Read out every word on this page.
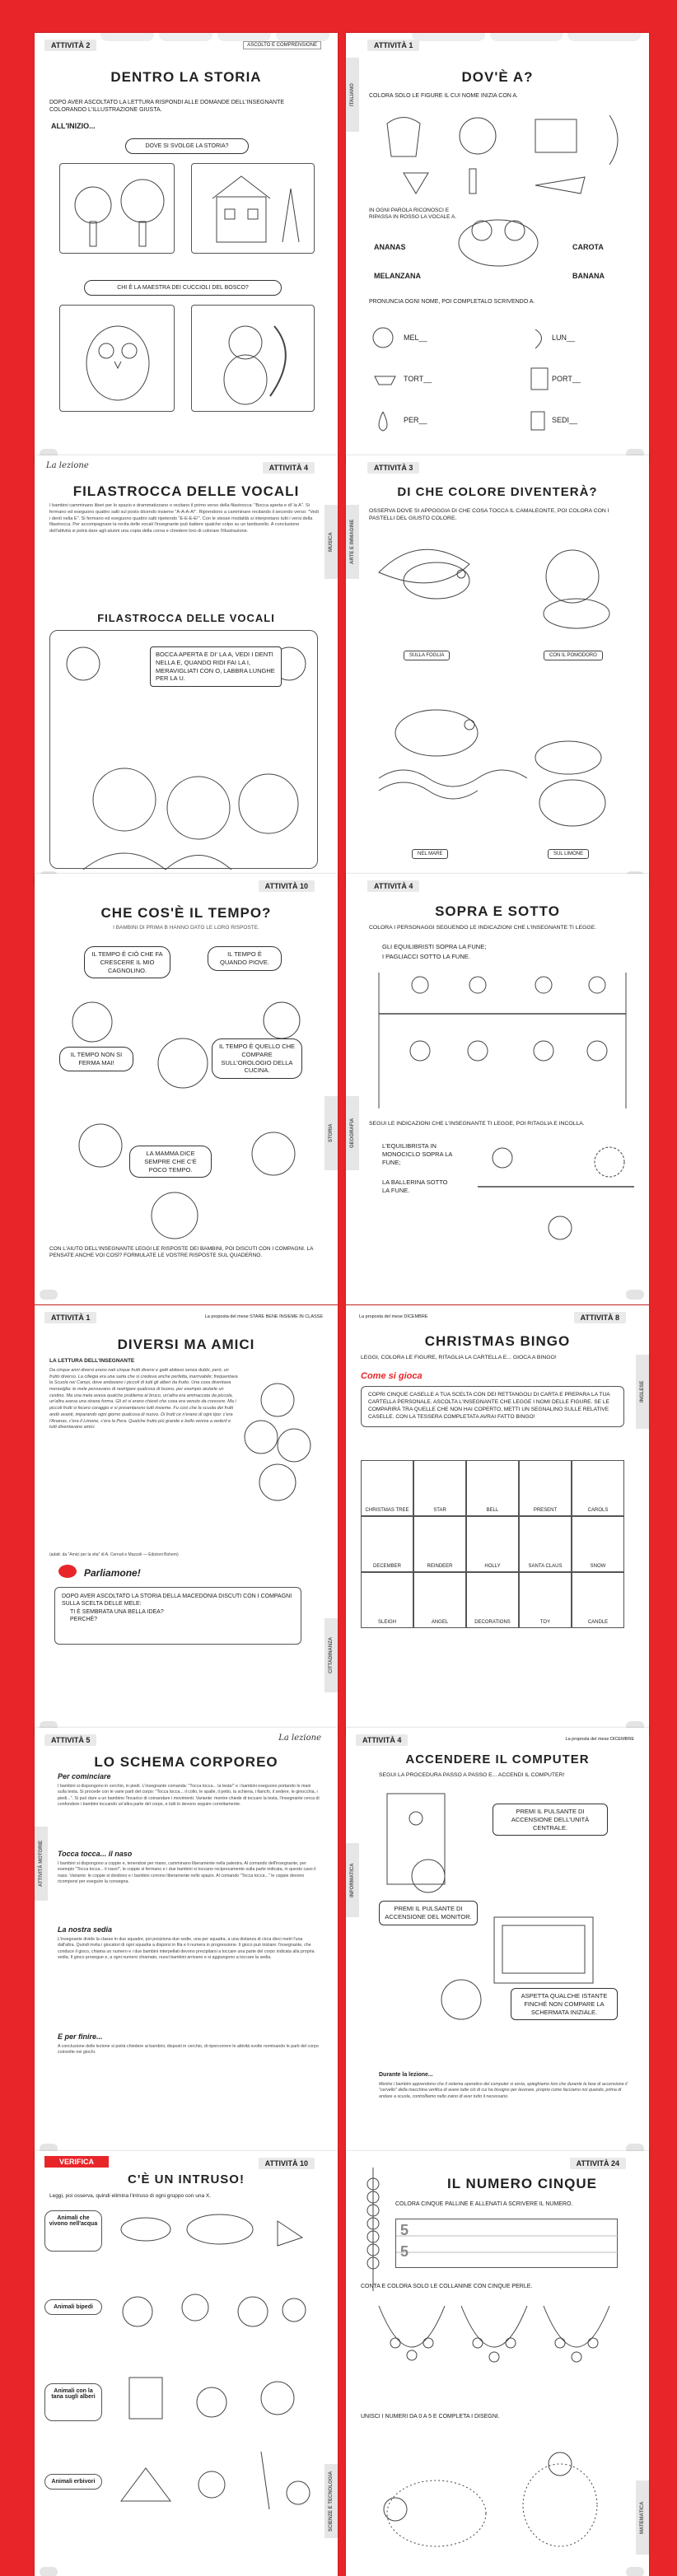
ATTIVITÀ 2	ASCOLTO E COMPRENSIONE
DENTRO LA STORIA
DOPO AVER ASCOLTATO LA LETTURA RISPONDI ALLE DOMANDE DELL'INSEGNANTE COLORANDO L'ILLUSTRAZIONE GIUSTA.
ALL'INIZIO...
DOVE SI SVOLGE LA STORIA?
CHI È LA MAESTRA DEI CUCCIOLI DEL BOSCO?
ITALIANO
ATTIVITÀ 1
DOV'È A?
COLORA SOLO LE FIGURE IL CUI NOME INIZIA CON A.
IN OGNI PAROLA RICONOSCI E RIPASSA IN ROSSO LA VOCALE A.
ANANAS	CAROTA
MELANZANA	BANANA
PRONUNCIA OGNI NOME, POI COMPLETALO SCRIVENDO A.
MEL__	LUN__
TORT__	PORT__
PER__	SEDI__
La lezione	ATTIVITÀ 4
MUSICA
FILASTROCCA DELLE VOCALI
I bambini camminano liberi per lo spazio e drammatizzano o recitano il primo verso della filastrocca: "Bocca aperta e di' la A". Si fermano ed eseguono quattro salti sul posto dicendo insieme "A-A-A-A!". Riprendono a camminare recitando il secondo verso: "Vedi i denti nella E". Si fermano ed eseguono quattro salti ripetendo "E-E-E-E!". Con le stesse modalità si interpretano tutti i versi della filastrocca. Per accompagnare la recita delle vocali l'insegnante può battere qualche colpo su un tamburello. A conclusione dell'attività si potrà dare agli alunni una copia della corna e chiedere loro di colorare l'illustrazione.
FILASTROCCA DELLE VOCALI
BOCCA APERTA E DI' LA A, VEDI I DENTI NELLA E, QUANDO RIDI FAI LA I, MERAVIGLIATI CON O, LABBRA LUNGHE PER LA U.
ATTIVITÀ 3
ARTE E IMMAGINE
DI CHE COLORE DIVENTERÀ?
OSSERVA DOVE SI APPOGGIA DI CHE COSA TOCCA IL CAMALEONTE, POI COLORA CON I PASTELLI DEL GIUSTO COLORE.
SULLA FOGLIA	CON IL POMODORO
NEL MARE	SUL LIMONE
ATTIVITÀ 10
STORIA
CHE COS'È IL TEMPO?
I BAMBINI DI PRIMA B HANNO DATO LE LORO RISPOSTE.
IL TEMPO È CIÒ CHE FA CRESCERE IL MIO CAGNOLINO.
IL TEMPO È QUANDO PIOVE.
IL TEMPO NON SI FERMA MAI!
IL TEMPO È QUELLO CHE COMPARE SULL'OROLOGIO DELLA CUCINA.
LA MAMMA DICE SEMPRE CHE C'È POCO TEMPO.
CON L'AIUTO DELL'INSEGNANTE LEGGI LE RISPOSTE DEI BAMBINI, POI DISCUTI CON I COMPAGNI. LA PENSATE ANCHE VOI COSÌ? FORMULATE LE VOSTRE RISPOSTE SUL QUADERNO.
ATTIVITÀ 4
GEOGRAFIA
SOPRA E SOTTO
COLORA I PERSONAGGI SEGUENDO LE INDICAZIONI CHE L'INSEGNANTE TI LEGGE.
GLI EQUILIBRISTI SOPRA LA FUNE;
I PAGLIACCI SOTTO LA FUNE.
SEGUI LE INDICAZIONI CHE L'INSEGNANTE TI LEGGE, POI RITAGLIA E INCOLLA.
L'EQUILIBRISTA IN MONOCICLO SOPRA LA FUNE;
LA BALLERINA SOTTO LA FUNE.
ATTIVITÀ 1	La proposta del mese STARE BENE INSIEME IN CLASSE
CITTADINANZA
DIVERSI MA AMICI
LA LETTURA DELL'INSEGNANTE
Da cinque anni diversi erano nati cinque frutti diversi e gatti abitavo senza dubbi, però, un frutto diverso. La ciliegia era una sarta che si credeva anche perfetta, inarrivabile; frequentava la Scuola nei Campi, dove andavano i piccoli di tutti gli alberi da frutto. Una cosa diventava meraviglia: le mele pensavano di rastrigare qualcosa di buono, per esempio aiutarle un cestino. Ma una mela aveva qualche problema al bruco, un'altra era ammaccata da piccola, un'altra aveva una strana forma. Gli zii si erano chiesti che cosa era venuto da crescere. Ma i piccoli frutti si fecero coraggio e si presentarono tutti insieme. Fu così che la scuola dei frutti andò avanti, imparando ogni giorno qualcosa di nuovo. Di frutti ce n'erano di ogni tipo: c'era l'Ananas, c'era il Limone, c'era la Pera. Qualche frutto più grande e bello veniva a vederli e tutti diventavano amici.
(adatt. da "Amici per la vita" di A. Cernuti e Mazzoli — Edizioni Bohem)
Parliamone!
DOPO AVER ASCOLTATO LA STORIA DELLA MACEDONIA DISCUTI CON I COMPAGNI SULLA SCELTA DELLE MELE:
TI È SEMBRATA UNA BELLA IDEA?
PERCHÉ?
La proposta del mese DICEMBRE	ATTIVITÀ 8
INGLESE
CHRISTMAS BINGO
LEGGI, COLORA LE FIGURE, RITAGLIA LA CARTELLA E... GIOCA A BINGO!
Come si gioca
COPRI CINQUE CASELLE A TUA SCELTA CON DEI RETTANGOLI DI CARTA E PREPARA LA TUA CARTELLA PERSONALE. ASCOLTA L'INSEGNANTE CHE LEGGE I NOMI DELLE FIGURE. SE LE COMPARIRÀ TRA QUELLE CHE NON HAI COPERTO, METTI UN SEGNALINO SULLE RELATIVE CASELLE. CON LA TESSERA COMPLETATA AVRAI FATTO BINGO!
CHRISTMAS TREE	STAR	BELL	PRESENT	CAROLS
DECEMBER	REINDEER	HOLLY	SANTA CLAUS	SNOW
SLEIGH	ANGEL	DECORATIONS	TOY	CANDLE
ATTIVITÀ 5	La lezione
ATTIVITÀ MOTORIE
LO SCHEMA CORPOREO
Per cominciare
I bambini si dispongono in cerchio, in piedi. L'insegnante comanda: "Tocca tocca... la testa!" e i bambini eseguono portando le mani sulla testa. Si procede con le varie parti del corpo: "Tocca tocca... il collo, le spalle, il petto, la schiena, i fianchi, il sedere, le ginocchia, i piedi...". Si può dare a un bambino l'incarico di comandare i movimenti. Variante: mentre chiede di toccare la testa, l'insegnante cerca di confondere i bambini toccando un'altra parte del corpo, e tutti lo devono seguire correttamente.
Tocca tocca... il naso
I bambini si dispongono a coppie e, tenendosi per mano, camminano liberamente nella palestra. Al comando dell'insegnante, per esempio "Tocca tocca... il naso!", le coppie si fermano e i due bambini si toccano reciprocamente sulla parte indicata, in questo caso il naso. Variante: le coppie si dividono e i bambini corrono liberamente nello spazio. Al comando "Tocca tocca..." le coppie devono ricomporsi per eseguire la consegna.
La nostra sedia
L'insegnante divide la classe in due squadre, poi posiziona due sedie, una per squadra, a una distanza di circa dieci metri l'una dall'altra. Quindi invita i giocatori di ogni squadra a disporsi in fila e li numera in progressione. Il gioco può iniziare: l'insegnante, che conduce il gioco, chiama un numero e i due bambini interpellati devono precipitarsi a toccare una parte del corpo indicata alla propria sedia. Il gioco prosegue e, a ogni numero chiamato, nuovi bambini arrivano e si aggiungono a toccare la sedia.
E per finire...
A conclusione delle lezione si potrà chiedere ai bambini, disposti in cerchio, di ripercorrere le attività svolte nominando le parti del corpo coinvolte nei giochi.
ATTIVITÀ 4	La proposta del mese DICEMBRE
INFORMATICA
ACCENDERE IL COMPUTER
SEGUI LA PROCEDURA PASSO A PASSO E... ACCENDI IL COMPUTER!
PREMI IL PULSANTE DI ACCENSIONE DELL'UNITÀ CENTRALE.
PREMI IL PULSANTE DI ACCENSIONE DEL MONITOR.
ASPETTA QUALCHE ISTANTE FINCHÉ NON COMPARE LA SCHERMATA INIZIALE.
Durante la lezione...
Mentre i bambini apprendono che il sistema operativo del computer si avvia, spieghiamo loro che durante la fase di accensione il "cervello" della macchina verifica di avere tutte ciò di cui ha bisogno per lavorare, proprio come facciamo noi quando, prima di andare a scuola, controlliamo nello zaino di aver tutto il necessario.
VERIFICA	ATTIVITÀ 10
SCIENZE E TECNOLOGIA
C'È UN INTRUSO!
Leggi, poi osserva, quindi elimina l'intruso di ogni gruppo con una X.
Animali che vivono nell'acqua
Animali bipedi
Animali con la tana sugli alberi
Animali erbivori
ATTIVITÀ 24
MATEMATICA
IL NUMERO CINQUE
COLORA CINQUE PALLINE E ALLENATI A SCRIVERE IL NUMERO.
5
5
CONTA E COLORA SOLO LE COLLANINE CON CINQUE PERLE.
UNISCI I NUMERI DA 0 A 5 E COMPLETA I DISEGNI.
